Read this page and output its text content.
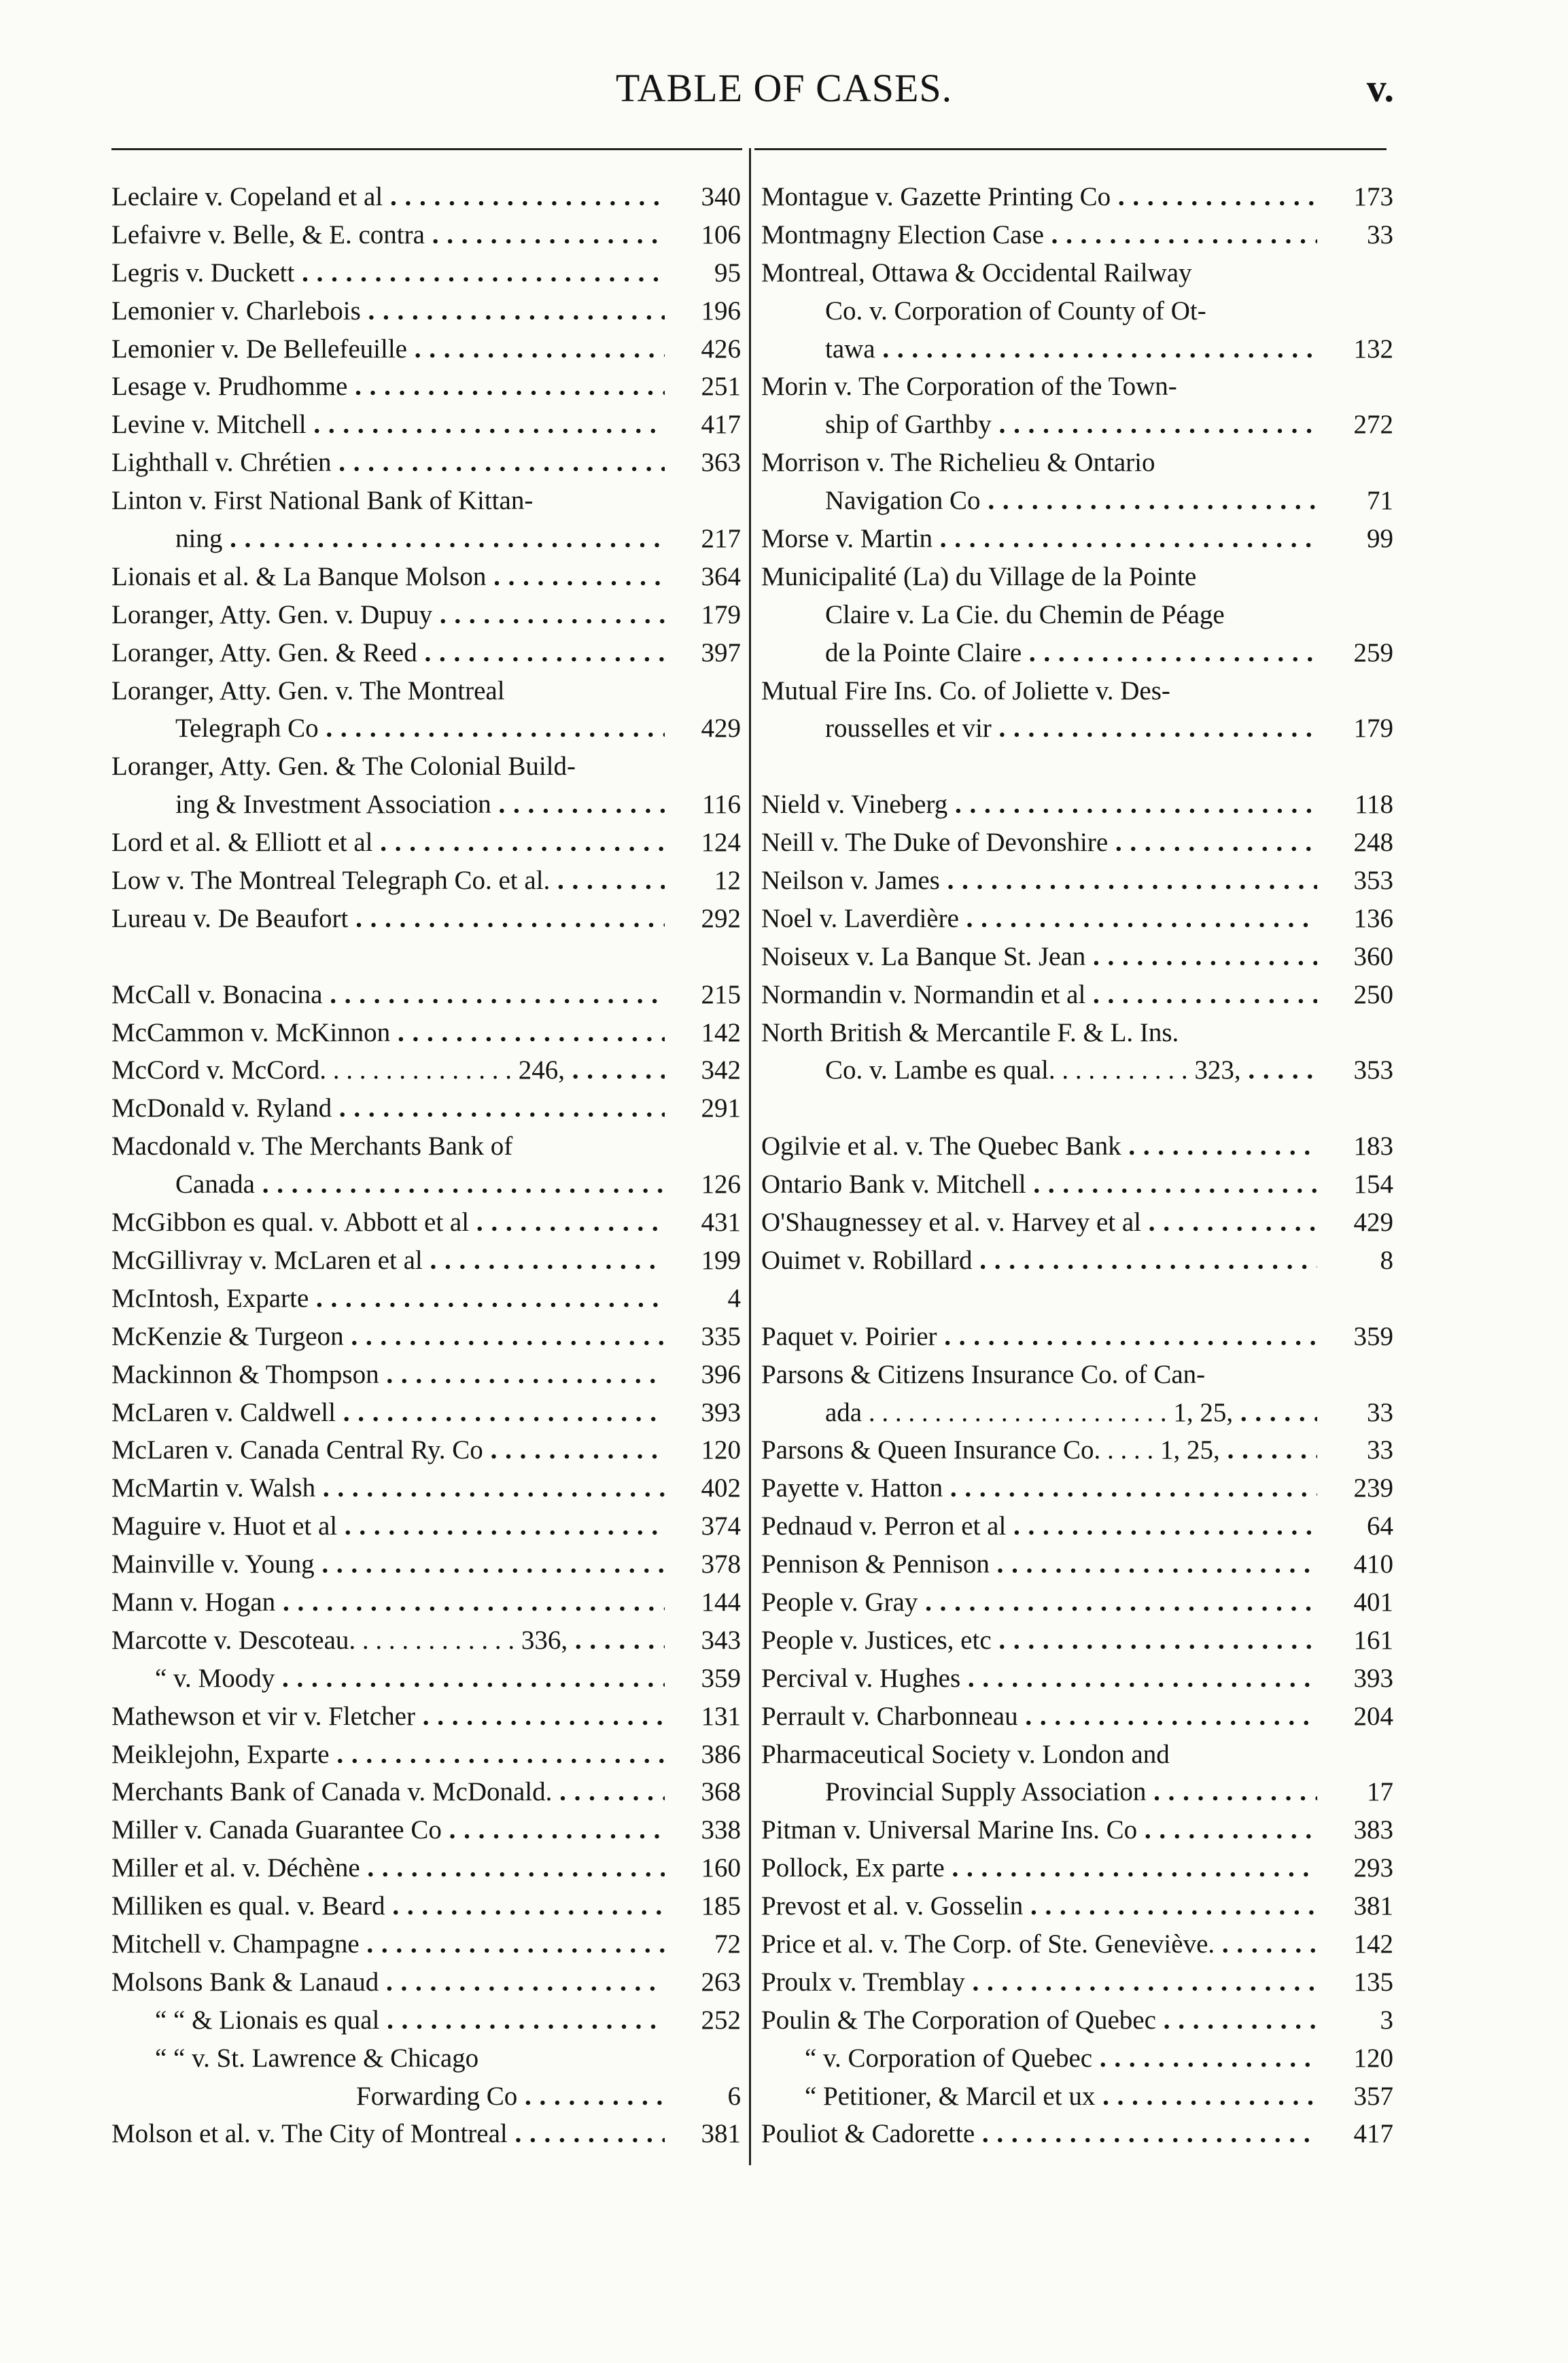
TABLE OF CASES.	v.
Leclaire v. Copeland et al . . .	340
Lefaivre v. Belle, & E. contra . . .	106
Legris v. Duckett . . .	95
Lemonier v. Charlebois . . .	196
Lemonier v. De Bellefeuille . . .	426
Lesage v. Prudhomme . . .	251
Levine v. Mitchell . . .	417
Lighthall v. Chrétien . . .	363
Linton v. First National Bank of Kittan-
ning . . .	217
Lionais et al. & La Banque Molson . . .	364
Loranger, Atty. Gen. v. Dupuy . . .	179
Loranger, Atty. Gen. & Reed . . .	397
Loranger, Atty. Gen. v. The Montreal
Telegraph Co . . .	429
Loranger, Atty. Gen. & The Colonial Build-
ing & Investment Association . . .	116
Lord et al. & Elliott et al . . .	124
Low v. The Montreal Telegraph Co. et al. . . .	12
Lureau v. De Beaufort . . .	292
McCall v. Bonacina . . .	215
McCammon v. McKinnon . . .	142
McCord v. McCord. . . . . . . . . . . . . . . 246, . . .	342
McDonald v. Ryland . . .	291
Macdonald v. The Merchants Bank of
Canada . . .	126
McGibbon es qual. v. Abbott et al . . .	431
McGillivray v. McLaren et al . . .	199
McIntosh, Exparte . . .	4
McKenzie & Turgeon . . .	335
Mackinnon & Thompson . . .	396
McLaren v. Caldwell . . .	393
McLaren v. Canada Central Ry. Co . . .	120
McMartin v. Walsh . . .	402
Maguire v. Huot et al . . .	374
Mainville v. Young . . .	378
Mann v. Hogan . . .	144
Marcotte v. Descoteau. . . . . . . . . . . . . 336, . . .	343
“ v. Moody . . .	359
Mathewson et vir v. Fletcher . . .	131
Meiklejohn, Exparte . . .	386
Merchants Bank of Canada v. McDonald. . . .	368
Miller v. Canada Guarantee Co . . .	338
Miller et al. v. Déchène . . .	160
Milliken es qual. v. Beard . . .	185
Mitchell v. Champagne . . .	72
Molsons Bank & Lanaud . . .	263
“ “ & Lionais es qual . . .	252
“ “ v. St. Lawrence & Chicago
Forwarding Co . . .	6
Molson et al. v. The City of Montreal . . .	381
Montague v. Gazette Printing Co . . .	173
Montmagny Election Case . . .	33
Montreal, Ottawa & Occidental Railway
Co. v. Corporation of County of Ot-
tawa . . .	132
Morin v. The Corporation of the Town-
ship of Garthby . . .	272
Morrison v. The Richelieu & Ontario
Navigation Co . . .	71
Morse v. Martin . . .	99
Municipalité (La) du Village de la Pointe
Claire v. La Cie. du Chemin de Péage
de la Pointe Claire . . .	259
Mutual Fire Ins. Co. of Joliette v. Des-
rousselles et vir . . .	179
Nield v. Vineberg . . .	118
Neill v. The Duke of Devonshire . . .	248
Neilson v. James . . .	353
Noel v. Laverdière . . .	136
Noiseux v. La Banque St. Jean . . .	360
Normandin v. Normandin et al . . .	250
North British & Mercantile F. & L. Ins.
Co. v. Lambe es qual. . . . . . . . . . . 323, . . .	353
Ogilvie et al. v. The Quebec Bank . . .	183
Ontario Bank v. Mitchell . . .	154
O'Shaugnessey et al. v. Harvey et al . . .	429
Ouimet v. Robillard . . .	8
Paquet v. Poirier . . .	359
Parsons & Citizens Insurance Co. of Can-
ada . . . . . . . . . . . . . . . . . . . . . . . 1, 25, . . .	33
Parsons & Queen Insurance Co. . . . . 1, 25, . . .	33
Payette v. Hatton . . .	239
Pednaud v. Perron et al . . .	64
Pennison & Pennison . . .	410
People v. Gray . . .	401
People v. Justices, etc . . .	161
Percival v. Hughes . . .	393
Perrault v. Charbonneau . . .	204
Pharmaceutical Society v. London and
Provincial Supply Association . . .	17
Pitman v. Universal Marine Ins. Co . . .	383
Pollock, Ex parte . . .	293
Prevost et al. v. Gosselin . . .	381
Price et al. v. The Corp. of Ste. Geneviève. . . .	142
Proulx v. Tremblay . . .	135
Poulin & The Corporation of Quebec . . .	3
“ v. Corporation of Quebec . . .	120
“ Petitioner, & Marcil et ux . . .	357
Pouliot & Cadorette . . .	417
